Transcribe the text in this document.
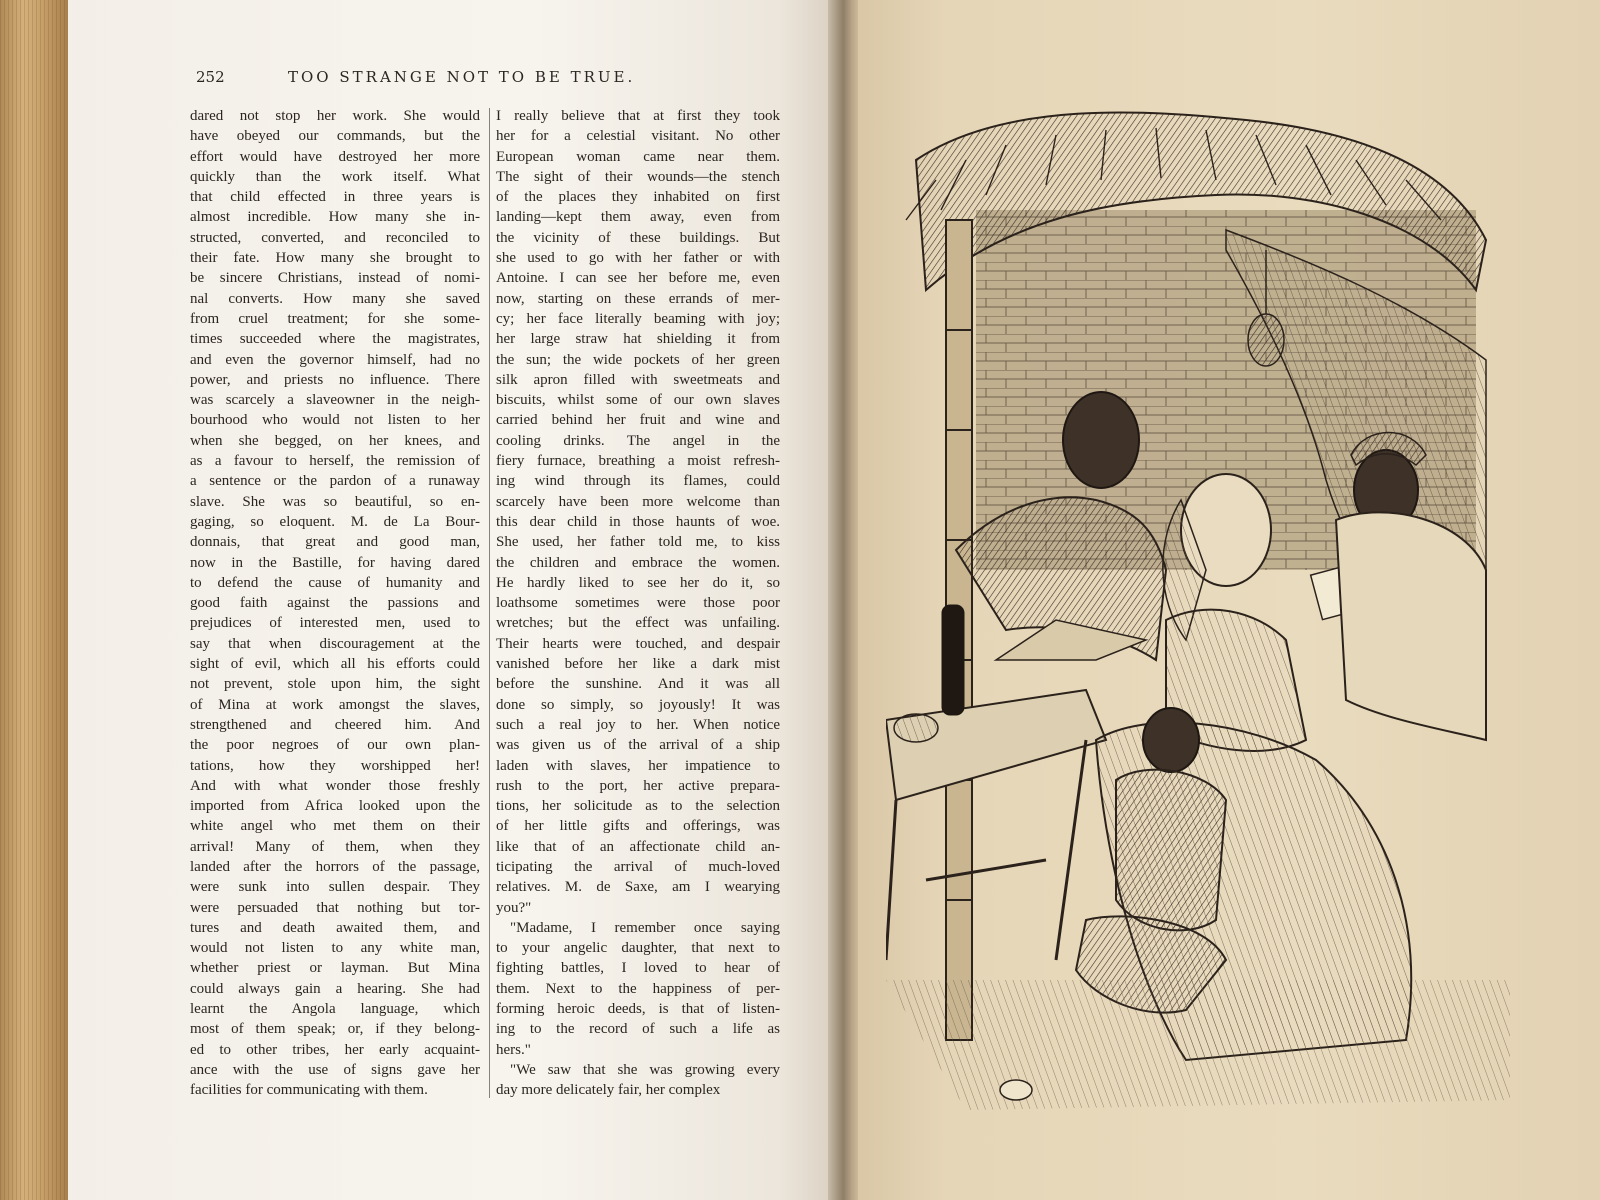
252	TOO STRANGE NOT TO BE TRUE.
dared not stop her work. She would
have obeyed our commands, but the
effort would have destroyed her more
quickly than the work itself. What
that child effected in three years is
almost incredible. How many she in-
structed, converted, and reconciled to
their fate. How many she brought to
be sincere Christians, instead of nomi-
nal converts. How many she saved
from cruel treatment; for she some-
times succeeded where the magistrates,
and even the governor himself, had no
power, and priests no influence. There
was scarcely a slaveowner in the neigh-
bourhood who would not listen to her
when she begged, on her knees, and
as a favour to herself, the remission of
a sentence or the pardon of a runaway
slave. She was so beautiful, so en-
gaging, so eloquent. M. de La Bour-
donnais, that great and good man,
now in the Bastille, for having dared
to defend the cause of humanity and
good faith against the passions and
prejudices of interested men, used to
say that when discouragement at the
sight of evil, which all his efforts could
not prevent, stole upon him, the sight
of Mina at work amongst the slaves,
strengthened and cheered him. And
the poor negroes of our own plan-
tations, how they worshipped her!
And with what wonder those freshly
imported from Africa looked upon the
white angel who met them on their
arrival! Many of them, when they
landed after the horrors of the passage,
were sunk into sullen despair. They
were persuaded that nothing but tor-
tures and death awaited them, and
would not listen to any white man,
whether priest or layman. But Mina
could always gain a hearing. She had
learnt the Angola language, which
most of them speak; or, if they belong-
ed to other tribes, her early acquaint-
ance with the use of signs gave her
facilities for communicating with them.
I really believe that at first they took
her for a celestial visitant. No other
European woman came near them.
The sight of their wounds—the stench
of the places they inhabited on first
landing—kept them away, even from
the vicinity of these buildings. But
she used to go with her father or with
Antoine. I can see her before me, even
now, starting on these errands of mer-
cy; her face literally beaming with joy;
her large straw hat shielding it from
the sun; the wide pockets of her green
silk apron filled with sweetmeats and
biscuits, whilst some of our own slaves
carried behind her fruit and wine and
cooling drinks. The angel in the
fiery furnace, breathing a moist refresh-
ing wind through its flames, could
scarcely have been more welcome than
this dear child in those haunts of woe.
She used, her father told me, to kiss
the children and embrace the women.
He hardly liked to see her do it, so
loathsome sometimes were those poor
wretches; but the effect was unfailing.
Their hearts were touched, and despair
vanished before her like a dark mist
before the sunshine. And it was all
done so simply, so joyously! It was
such a real joy to her. When notice
was given us of the arrival of a ship
laden with slaves, her impatience to
rush to the port, her active prepara-
tions, her solicitude as to the selection
of her little gifts and offerings, was
like that of an affectionate child an-
ticipating the arrival of much-loved
relatives. M. de Saxe, am I wearying
you?"
"Madame, I remember once saying
to your angelic daughter, that next to
fighting battles, I loved to hear of
them. Next to the happiness of per-
forming heroic deeds, is that of listen-
ing to the record of such a life as
hers."
"We saw that she was growing every
day more delicately fair, her complex
